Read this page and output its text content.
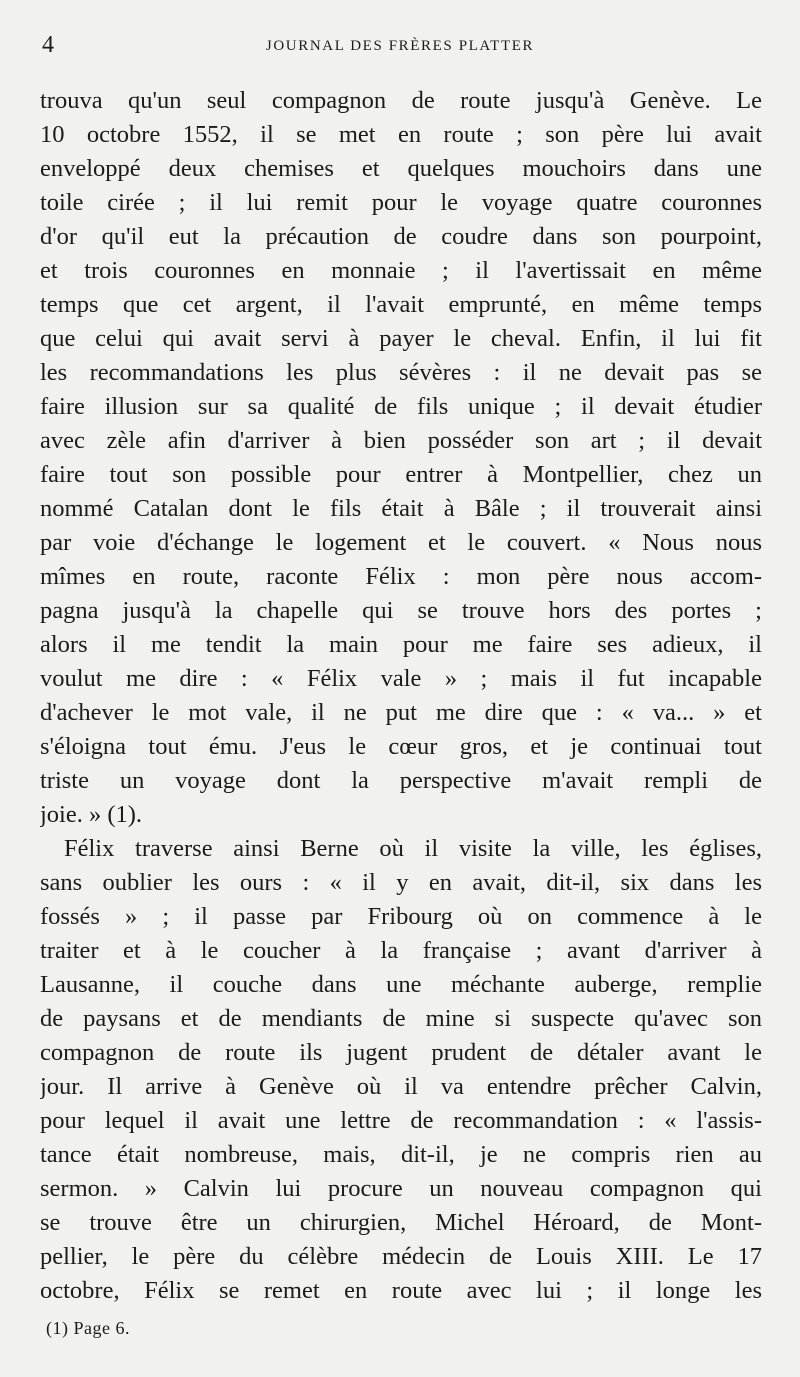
4	JOURNAL DES FRÈRES PLATTER
trouva qu'un seul compagnon de route jusqu'à Genève. Le
10 octobre 1552, il se met en route ; son père lui avait
enveloppé deux chemises et quelques mouchoirs dans une
toile cirée ; il lui remit pour le voyage quatre couronnes
d'or qu'il eut la précaution de coudre dans son pourpoint,
et trois couronnes en monnaie ; il l'avertissait en même
temps que cet argent, il l'avait emprunté, en même temps
que celui qui avait servi à payer le cheval. Enfin, il lui fit
les recommandations les plus sévères : il ne devait pas se
faire illusion sur sa qualité de fils unique ; il devait étudier
avec zèle afin d'arriver à bien posséder son art ; il devait
faire tout son possible pour entrer à Montpellier, chez un
nommé Catalan dont le fils était à Bâle ; il trouverait ainsi
par voie d'échange le logement et le couvert. « Nous nous
mîmes en route, raconte Félix : mon père nous accom-
pagna jusqu'à la chapelle qui se trouve hors des portes ;
alors il me tendit la main pour me faire ses adieux, il
voulut me dire : « Félix vale » ; mais il fut incapable
d'achever le mot vale, il ne put me dire que : « va... » et
s'éloigna tout ému. J'eus le cœur gros, et je continuai tout
triste un voyage dont la perspective m'avait rempli de
joie. » (1).
Félix traverse ainsi Berne où il visite la ville, les églises,
sans oublier les ours : « il y en avait, dit-il, six dans les
fossés » ; il passe par Fribourg où on commence à le
traiter et à le coucher à la française ; avant d'arriver à
Lausanne, il couche dans une méchante auberge, remplie
de paysans et de mendiants de mine si suspecte qu'avec son
compagnon de route ils jugent prudent de détaler avant le
jour. Il arrive à Genève où il va entendre prêcher Calvin,
pour lequel il avait une lettre de recommandation : « l'assis-
tance était nombreuse, mais, dit-il, je ne compris rien au
sermon. » Calvin lui procure un nouveau compagnon qui
se trouve être un chirurgien, Michel Héroard, de Mont-
pellier, le père du célèbre médecin de Louis XIII. Le 17
octobre, Félix se remet en route avec lui ; il longe les
(1) Page 6.
